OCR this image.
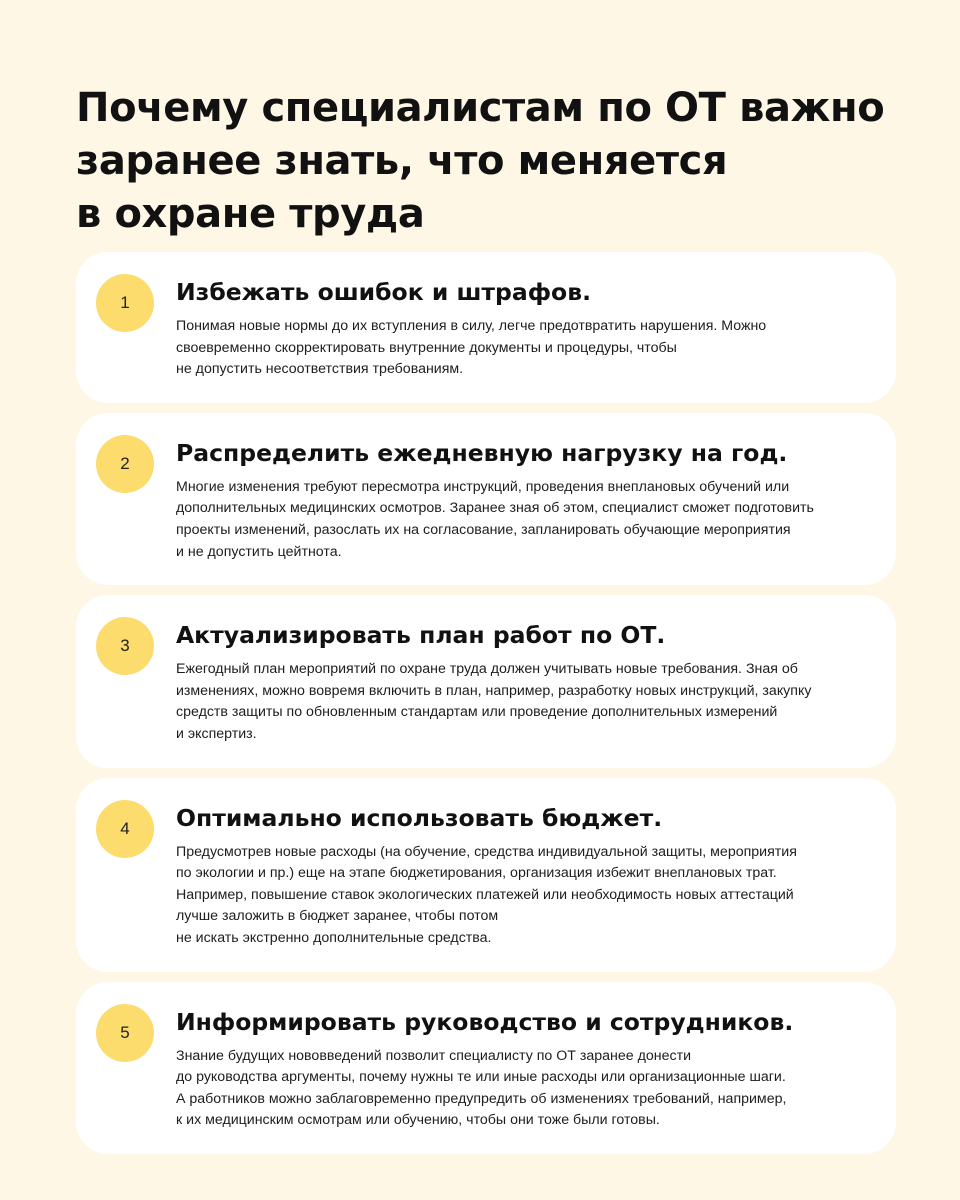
Почему специалистам по ОТ важно
заранее знать, что меняется
в охране труда
1	Избежать ошибок и штрафов.
Понимая новые нормы до их вступления в силу, легче предотвратить нарушения. Можно
своевременно скорректировать внутренние документы и процедуры, чтобы
не допустить несоответствия требованиям.
2	Распределить ежедневную нагрузку на год.
Многие изменения требуют пересмотра инструкций, проведения внеплановых обучений или
дополнительных медицинских осмотров. Заранее зная об этом, специалист сможет подготовить
проекты изменений, разослать их на согласование, запланировать обучающие мероприятия
и не допустить цейтнота.
3	Актуализировать план работ по ОТ.
Ежегодный план мероприятий по охране труда должен учитывать новые требования. Зная об
изменениях, можно вовремя включить в план, например, разработку новых инструкций, закупку
средств защиты по обновленным стандартам или проведение дополнительных измерений
и экспертиз.
4	Оптимально использовать бюджет.
Предусмотрев новые расходы (на обучение, средства индивидуальной защиты, мероприятия
по экологии и пр.) еще на этапе бюджетирования, организация избежит внеплановых трат.
Например, повышение ставок экологических платежей или необходимость новых аттестаций
лучше заложить в бюджет заранее, чтобы потом
не искать экстренно дополнительные средства.
5	Информировать руководство и сотрудников.
Знание будущих нововведений позволит специалисту по ОТ заранее донести
до руководства аргументы, почему нужны те или иные расходы или организационные шаги.
А работников можно заблаговременно предупредить об изменениях требований, например,
к их медицинским осмотрам или обучению, чтобы они тоже были готовы.
